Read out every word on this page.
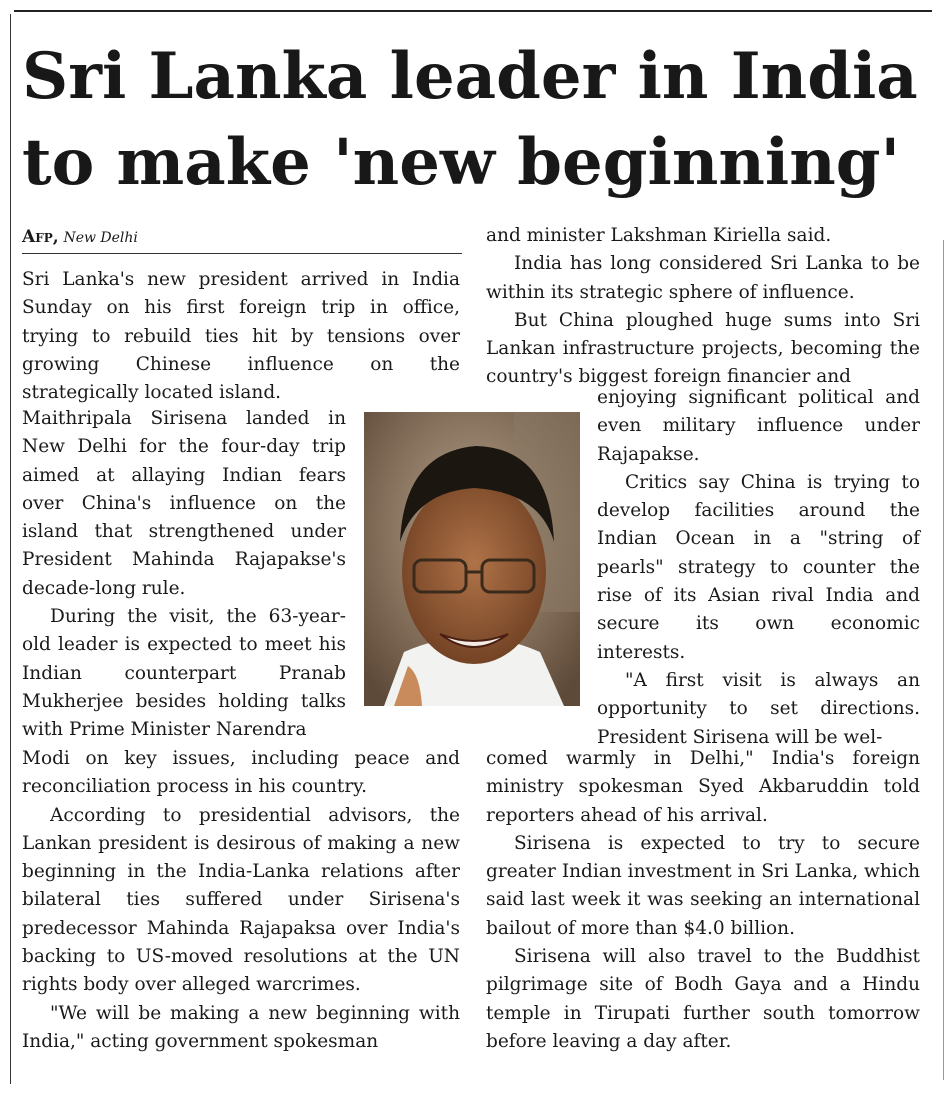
Sri Lanka leader in India
to make 'new beginning'
Afp, New Delhi

Sri Lanka's new president arrived in India Sunday on his first foreign trip in office, trying to rebuild ties hit by tensions over growing Chinese influence on the strategically located island.

Maithripala Sirisena landed in New Delhi for the four-day trip aimed at allaying Indian fears over China's influence on the island that strengthened under President Mahinda Rajapakse's decade-long rule.

During the visit, the 63-year-old leader is expected to meet his Indian counterpart Pranab Mukherjee besides holding talks with Prime Minister Narendra

Modi on key issues, including peace and reconciliation process in his country.

According to presidential advisors, the Lankan president is desirous of making a new beginning in the India-Lanka relations after bilateral ties suffered under Sirisena's predecessor Mahinda Rajapaksa over India's backing to US-moved resolutions at the UN rights body over alleged warcrimes.

"We will be making a new beginning with India," acting government spokesman

and minister Lakshman Kiriella said.

India has long considered Sri Lanka to be within its strategic sphere of influence.

But China ploughed huge sums into Sri Lankan infrastructure projects, becoming the country's biggest foreign financier and

enjoying significant political and even military influence under Rajapakse.

Critics say China is trying to develop facilities around the Indian Ocean in a "string of pearls" strategy to counter the rise of its Asian rival India and secure its own economic interests.

"A first visit is always an opportunity to set directions. President Sirisena will be wel-

comed warmly in Delhi," India's foreign ministry spokesman Syed Akbaruddin told reporters ahead of his arrival.

Sirisena is expected to try to secure greater Indian investment in Sri Lanka, which said last week it was seeking an international bailout of more than $4.0 billion.

Sirisena will also travel to the Buddhist pilgrimage site of Bodh Gaya and a Hindu temple in Tirupati further south tomorrow before leaving a day after.
